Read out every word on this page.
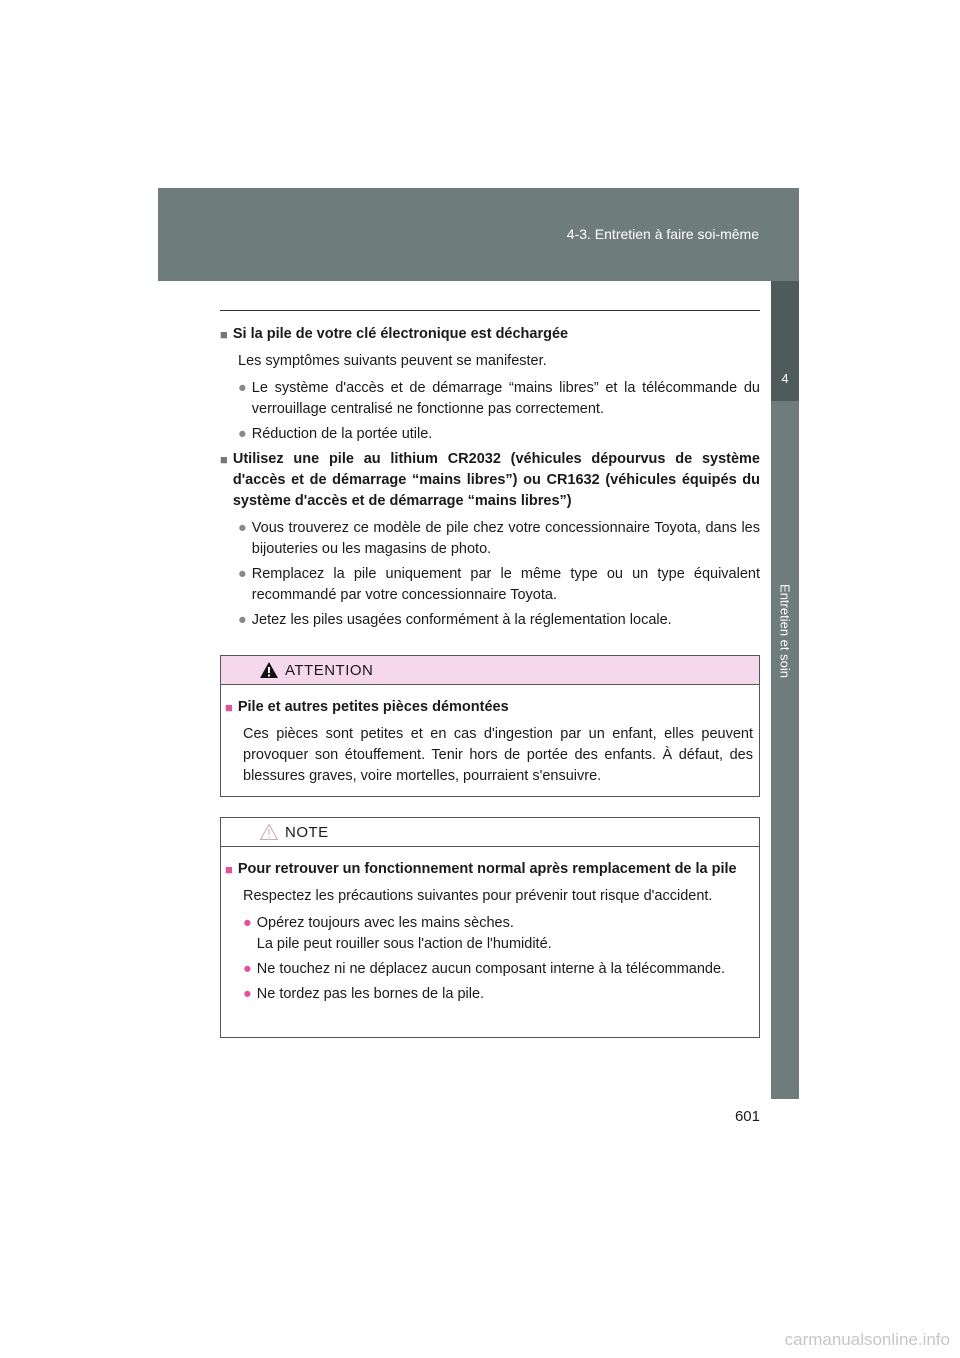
4-3. Entretien à faire soi-même
4
Entretien et soin
■ Si la pile de votre clé électronique est déchargée
Les symptômes suivants peuvent se manifester.
● Le système d'accès et de démarrage “mains libres” et la télécommande du verrouillage centralisé ne fonctionne pas correctement.
● Réduction de la portée utile.
■ Utilisez une pile au lithium CR2032 (véhicules dépourvus de système d'accès et de démarrage “mains libres”) ou CR1632 (véhicules équipés du système d'accès et de démarrage “mains libres”)
● Vous trouverez ce modèle de pile chez votre concessionnaire Toyota, dans les bijouteries ou les magasins de photo.
● Remplacez la pile uniquement par le même type ou un type équivalent recommandé par votre concessionnaire Toyota.
● Jetez les piles usagées conformément à la réglementation locale.
ATTENTION
■ Pile et autres petites pièces démontées
Ces pièces sont petites et en cas d'ingestion par un enfant, elles peuvent provoquer son étouffement. Tenir hors de portée des enfants. À défaut, des blessures graves, voire mortelles, pourraient s'ensuivre.
NOTE
■ Pour retrouver un fonctionnement normal après remplacement de la pile
Respectez les précautions suivantes pour prévenir tout risque d'accident.
● Opérez toujours avec les mains sèches.
La pile peut rouiller sous l'action de l'humidité.
● Ne touchez ni ne déplacez aucun composant interne à la télécommande.
● Ne tordez pas les bornes de la pile.
601
carmanualsonline.info
